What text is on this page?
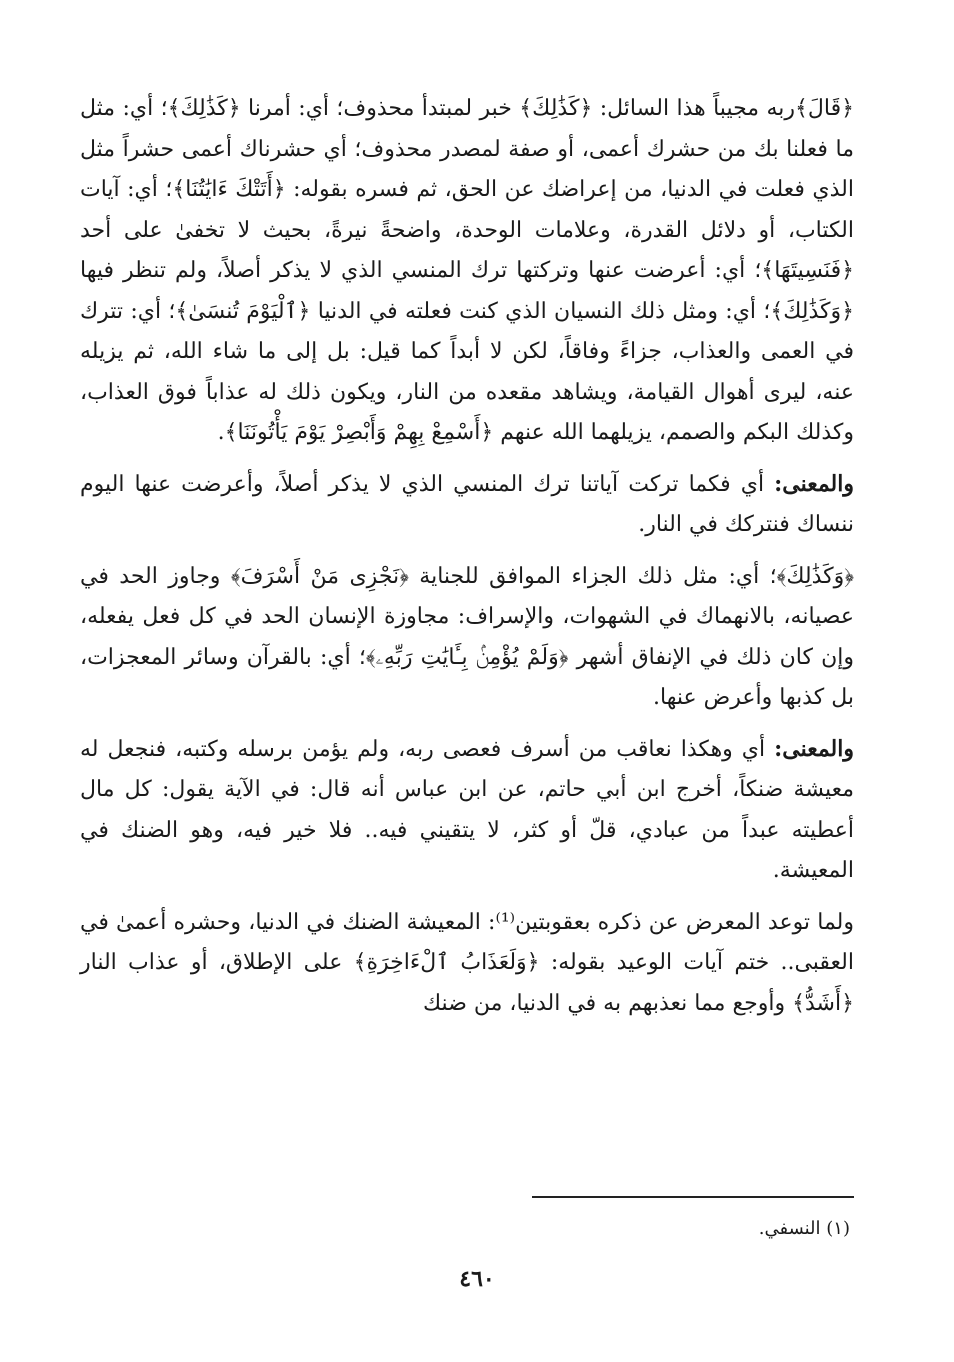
﴿قَالَ﴾ربه مجيباً هذا السائل: ﴿كَذَٰلِكَ﴾ خبر لمبتدأ محذوف؛ أي: أمرنا ﴿كَذَٰلِكَ﴾؛ أي: مثل ما فعلنا بك من حشرك أعمى، أو صفة لمصدر محذوف؛ أي حشرناك أعمى حشراً مثل الذي فعلت في الدنيا، من إعراضك عن الحق، ثم فسره بقوله: ﴿أَتَتْكَ ءَايَٰتُنَا﴾؛ أي: آيات الكتاب، أو دلائل القدرة، وعلامات الوحدة، واضحةً نيرةً، بحيث لا تخفىٰ على أحد ﴿فَنَسِيتَهَا﴾؛ أي: أعرضت عنها وتركتها ترك المنسي الذي لا يذكر أصلاً، ولم تنظر فيها ﴿وَكَذَٰلِكَ﴾؛ أي: ومثل ذلك النسيان الذي كنت فعلته في الدنيا ﴿ٱلْيَوْمَ تُنسَىٰ﴾؛ أي: تترك في العمى والعذاب، جزاءً وفاقاً، لكن لا أبداً كما قيل: بل إلى ما شاء الله، ثم يزيله عنه، ليرى أهوال القيامة، ويشاهد مقعده من النار، ويكون ذلك له عذاباً فوق العذاب، وكذلك البكم والصمم، يزيلهما الله عنهم ﴿أَسْمِعْ بِهِمْ وَأَبْصِرْ يَوْمَ يَأْتُونَنَا﴾.

والمعنى: أي فكما تركت آياتنا ترك المنسي الذي لا يذكر أصلاً، وأعرضت عنها اليوم ننساك فنتركك في النار.

﴿وَكَذَٰلِكَ﴾؛ أي: مثل ذلك الجزاء الموافق للجناية ﴿نَجْزِى مَنْ أَسْرَفَ﴾ وجاوز الحد في عصيانه، بالانهماك في الشهوات، والإسراف: مجاوزة الإنسان الحد في كل فعل يفعله، وإن كان ذلك في الإنفاق أشهر ﴿وَلَمْ يُؤْمِنۢ بِـَٔايَٰتِ رَبِّهِۦ﴾؛ أي: بالقرآن وسائر المعجزات، بل كذبها وأعرض عنها.

والمعنى: أي وهكذا نعاقب من أسرف فعصى ربه، ولم يؤمن برسله وكتبه، فنجعل له معيشة ضنكاً، أخرج ابن أبي حاتم، عن ابن عباس أنه قال: في الآية يقول: كل مال أعطيته عبداً من عبادي، قلّ أو كثر، لا يتقيني فيه.. فلا خير فيه، وهو الضنك في المعيشة.

ولما توعد المعرض عن ذكره بعقوبتين⁽¹⁾: المعيشة الضنك في الدنيا، وحشره أعمىٰ في العقبى.. ختم آيات الوعيد بقوله: ﴿وَلَعَذَابُ ٱلْءَاخِرَةِ﴾ على الإطلاق، أو عذاب النار ﴿أَشَدُّ﴾ وأوجع مما نعذبهم به في الدنيا، من ضنك

(١) النسفي.
٤٦٠
